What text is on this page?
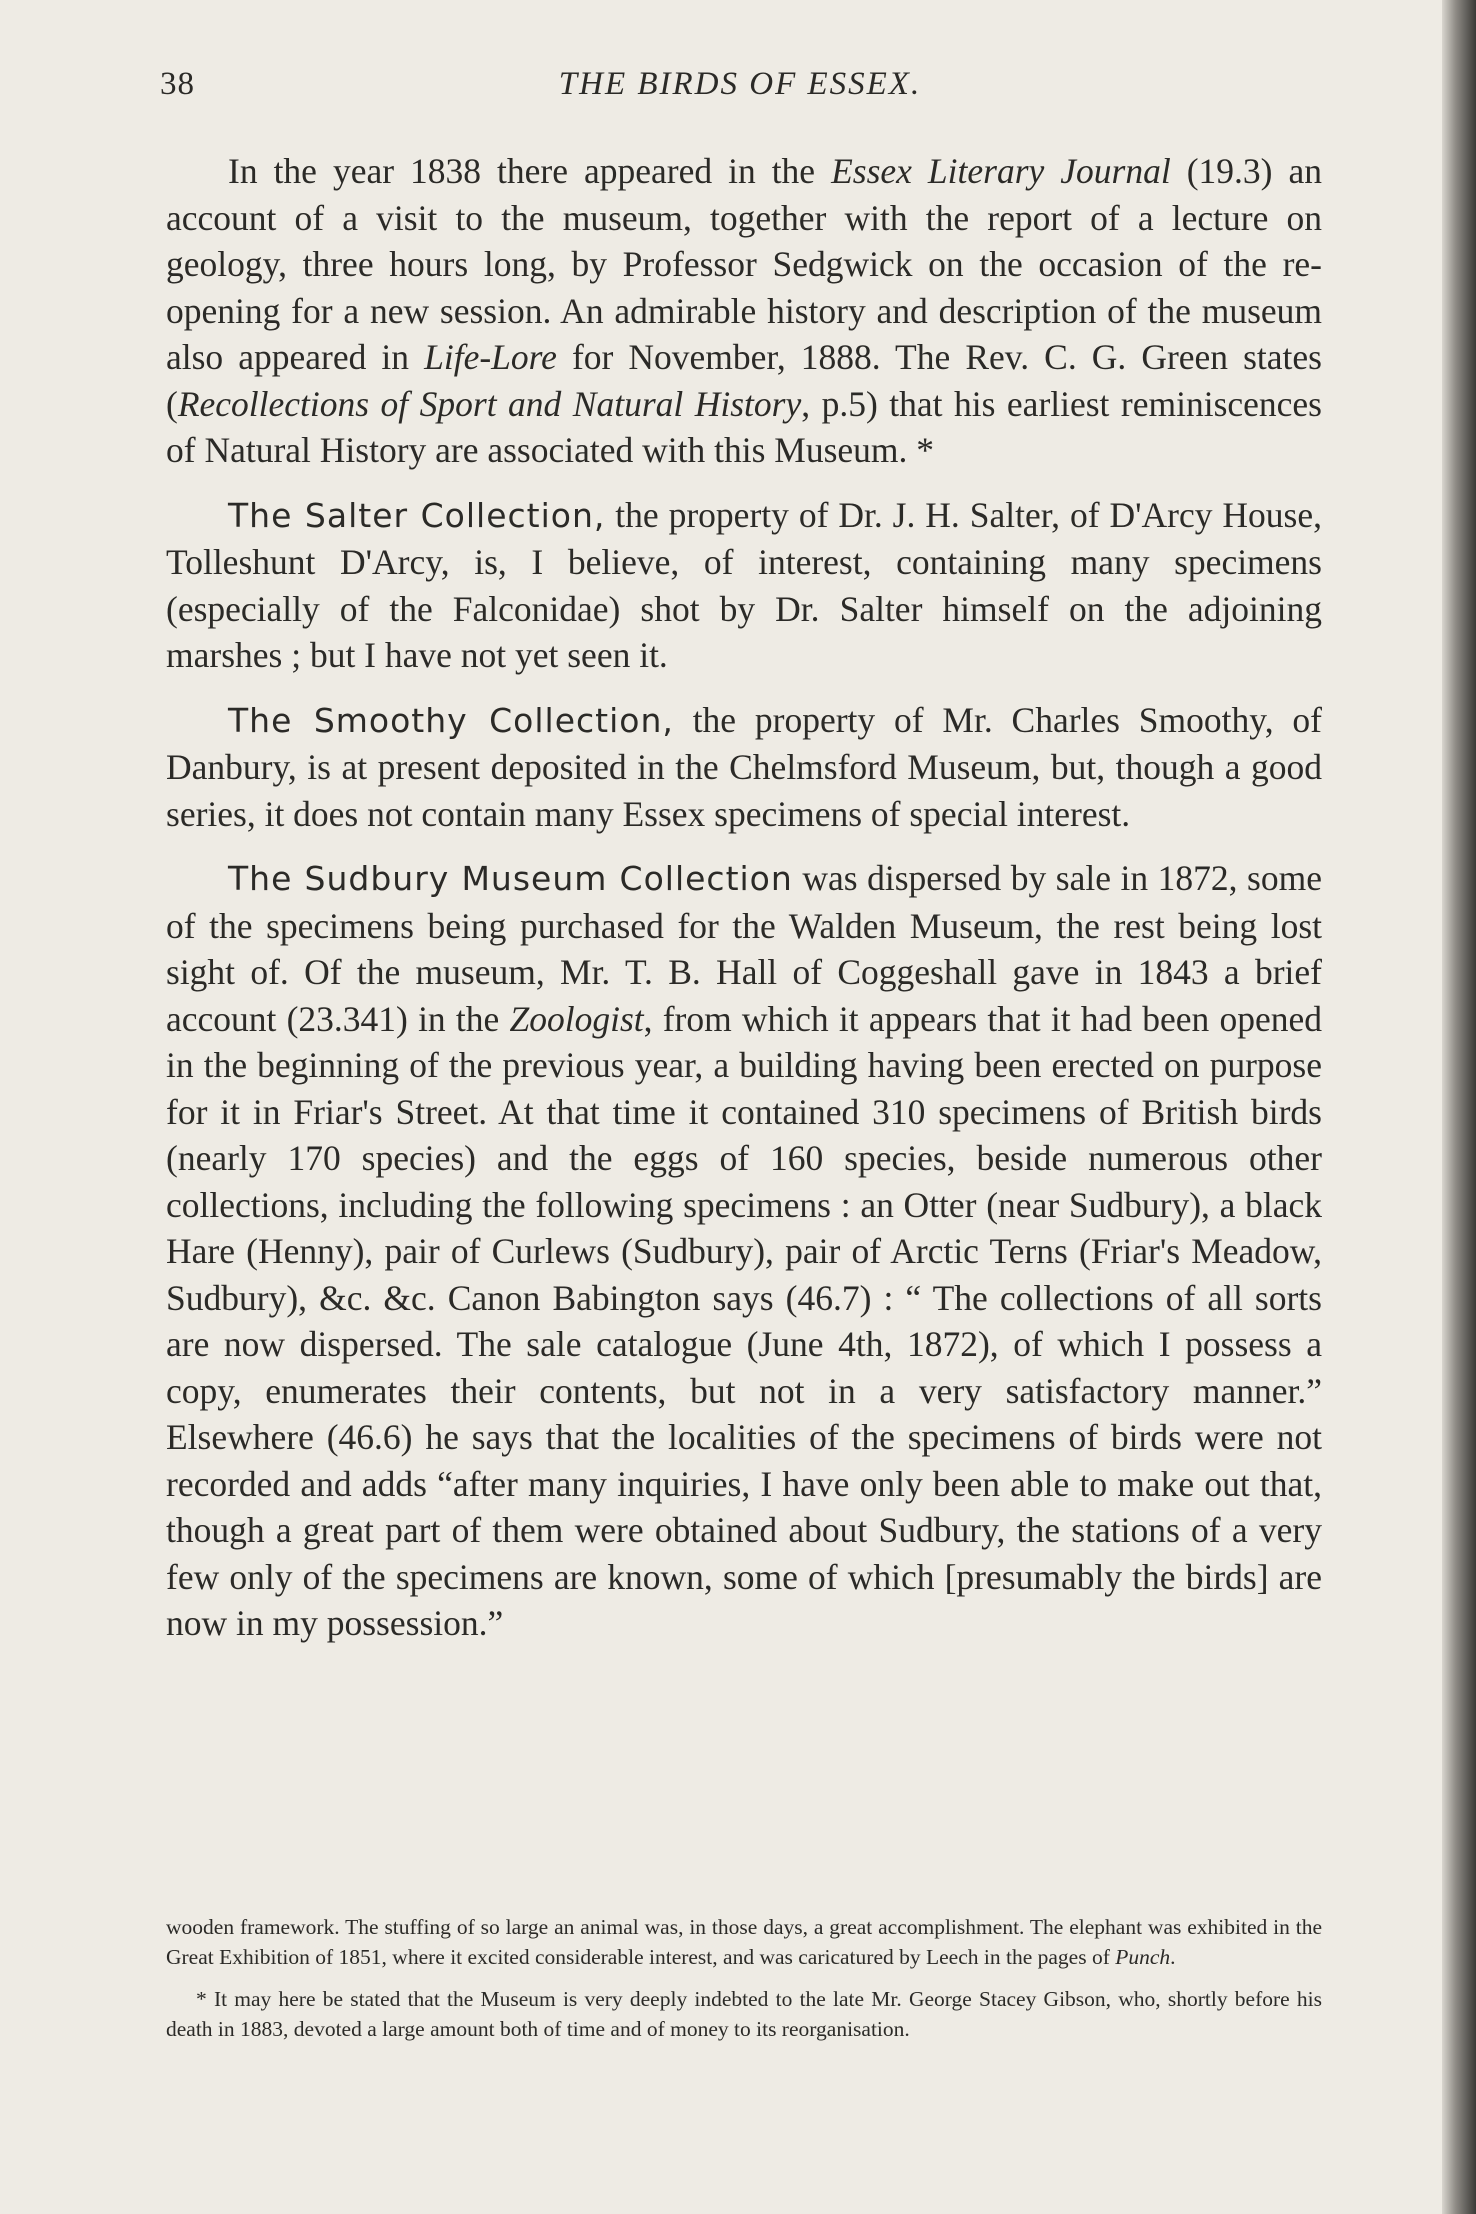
38	THE BIRDS OF ESSEX.

In the year 1838 there appeared in the Essex Literary Journal (19.3) an account of a visit to the museum, together with the report of a lecture on geology, three hours long, by Professor Sedgwick on the occasion of the re-opening for a new session. An admirable history and description of the museum also appeared in Life-Lore for November, 1888. The Rev. C. G. Green states (Recollections of Sport and Natural History, p.5) that his earliest reminiscences of Natural History are associated with this Museum. *

The Salter Collection, the property of Dr. J. H. Salter, of D'Arcy House, Tolleshunt D'Arcy, is, I believe, of interest, containing many specimens (especially of the Falconidae) shot by Dr. Salter himself on the adjoining marshes ; but I have not yet seen it.

The Smoothy Collection, the property of Mr. Charles Smoothy, of Danbury, is at present deposited in the Chelmsford Museum, but, though a good series, it does not contain many Essex specimens of special interest.

The Sudbury Museum Collection was dispersed by sale in 1872, some of the specimens being purchased for the Walden Museum, the rest being lost sight of. Of the museum, Mr. T. B. Hall of Coggeshall gave in 1843 a brief account (23.341) in the Zoologist, from which it appears that it had been opened in the beginning of the previous year, a building having been erected on purpose for it in Friar's Street. At that time it contained 310 specimens of British birds (nearly 170 species) and the eggs of 160 species, beside numerous other collections, including the following specimens : an Otter (near Sudbury), a black Hare (Henny), pair of Curlews (Sudbury), pair of Arctic Terns (Friar's Meadow, Sudbury), &c. &c. Canon Babington says (46.7) : “ The collections of all sorts are now dispersed. The sale catalogue (June 4th, 1872), of which I possess a copy, enumerates their contents, but not in a very satisfactory manner.” Elsewhere (46.6) he says that the localities of the specimens of birds were not recorded and adds “after many inquiries, I have only been able to make out that, though a great part of them were obtained about Sudbury, the stations of a very few only of the specimens are known, some of which [presumably the birds] are now in my possession.”

wooden framework. The stuffing of so large an animal was, in those days, a great accomplishment. The elephant was exhibited in the Great Exhibition of 1851, where it excited considerable interest, and was caricatured by Leech in the pages of Punch.

* It may here be stated that the Museum is very deeply indebted to the late Mr. George Stacey Gibson, who, shortly before his death in 1883, devoted a large amount both of time and of money to its reorganisation.
